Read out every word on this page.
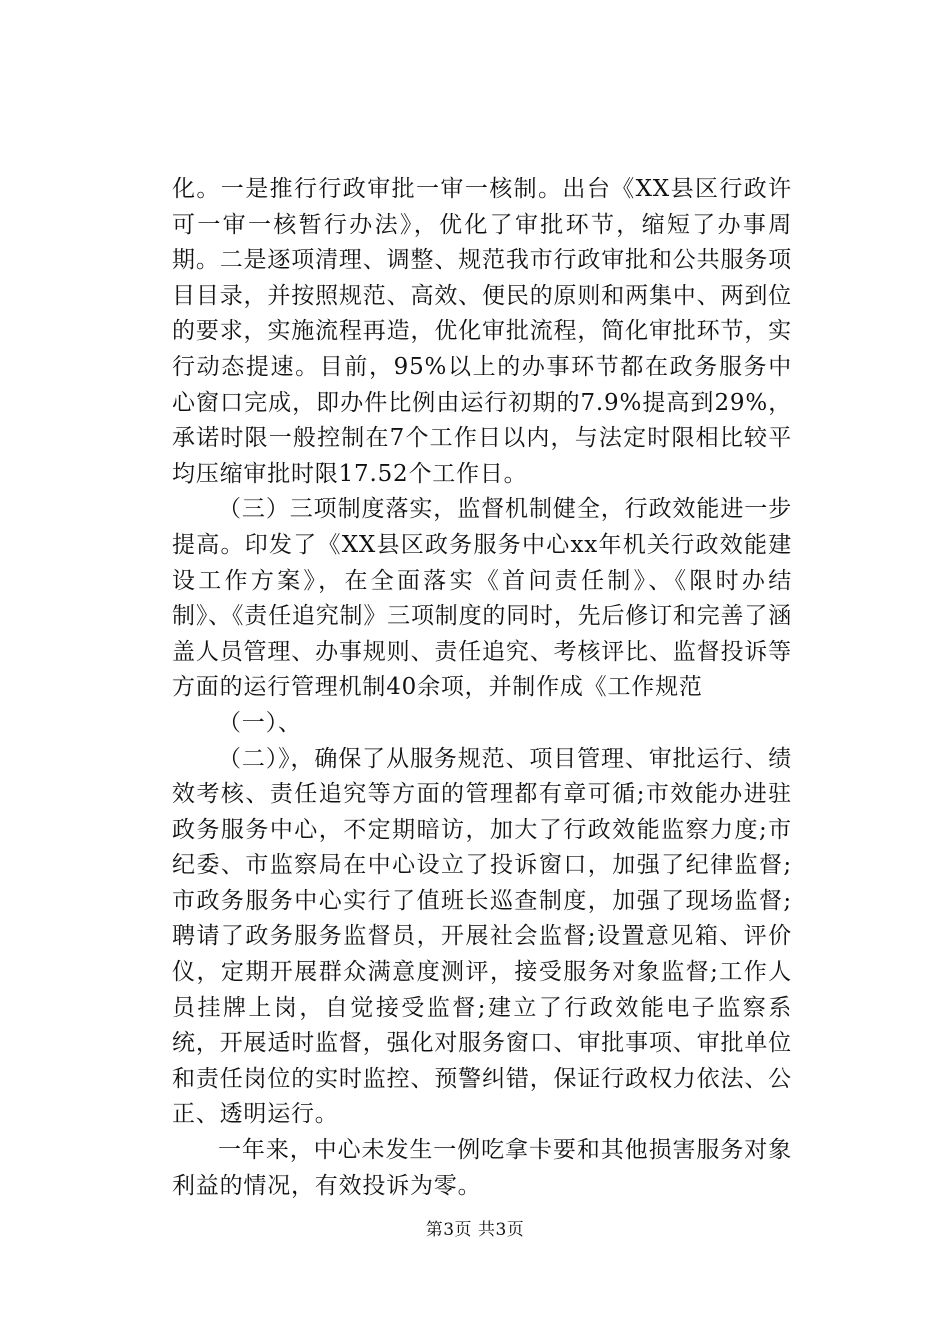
化。一是推行行政审批一审一核制。出台《XX县区行政许可一审一核暂行办法》，优化了审批环节，缩短了办事周期。二是逐项清理、调整、规范我市行政审批和公共服务项目目录，并按照规范、高效、便民的原则和两集中、两到位的要求，实施流程再造，优化审批流程，简化审批环节，实行动态提速。目前，95%以上的办事环节都在政务服务中心窗口完成，即办件比例由运行初期的7.9%提高到29%，承诺时限一般控制在7个工作日以内，与法定时限相比较平均压缩审批时限17.52个工作日。

（三）三项制度落实，监督机制健全，行政效能进一步提高。印发了《XX县区政务服务中心xx年机关行政效能建设工作方案》，在全面落实《首问责任制》、《限时办结制》、《责任追究制》三项制度的同时，先后修订和完善了涵盖人员管理、办事规则、责任追究、考核评比、监督投诉等方面的运行管理机制40余项，并制作成《工作规范

（一）、

（二）》，确保了从服务规范、项目管理、审批运行、绩效考核、责任追究等方面的管理都有章可循;市效能办进驻政务服务中心，不定期暗访，加大了行政效能监察力度;市纪委、市监察局在中心设立了投诉窗口，加强了纪律监督;市政务服务中心实行了值班长巡查制度，加强了现场监督;聘请了政务服务监督员，开展社会监督;设置意见箱、评价仪，定期开展群众满意度测评，接受服务对象监督;工作人员挂牌上岗，自觉接受监督;建立了行政效能电子监察系统，开展适时监督，强化对服务窗口、审批事项、审批单位和责任岗位的实时监控、预警纠错，保证行政权力依法、公正、透明运行。

一年来，中心未发生一例吃拿卡要和其他损害服务对象利益的情况，有效投诉为零。

第3页 共3页
